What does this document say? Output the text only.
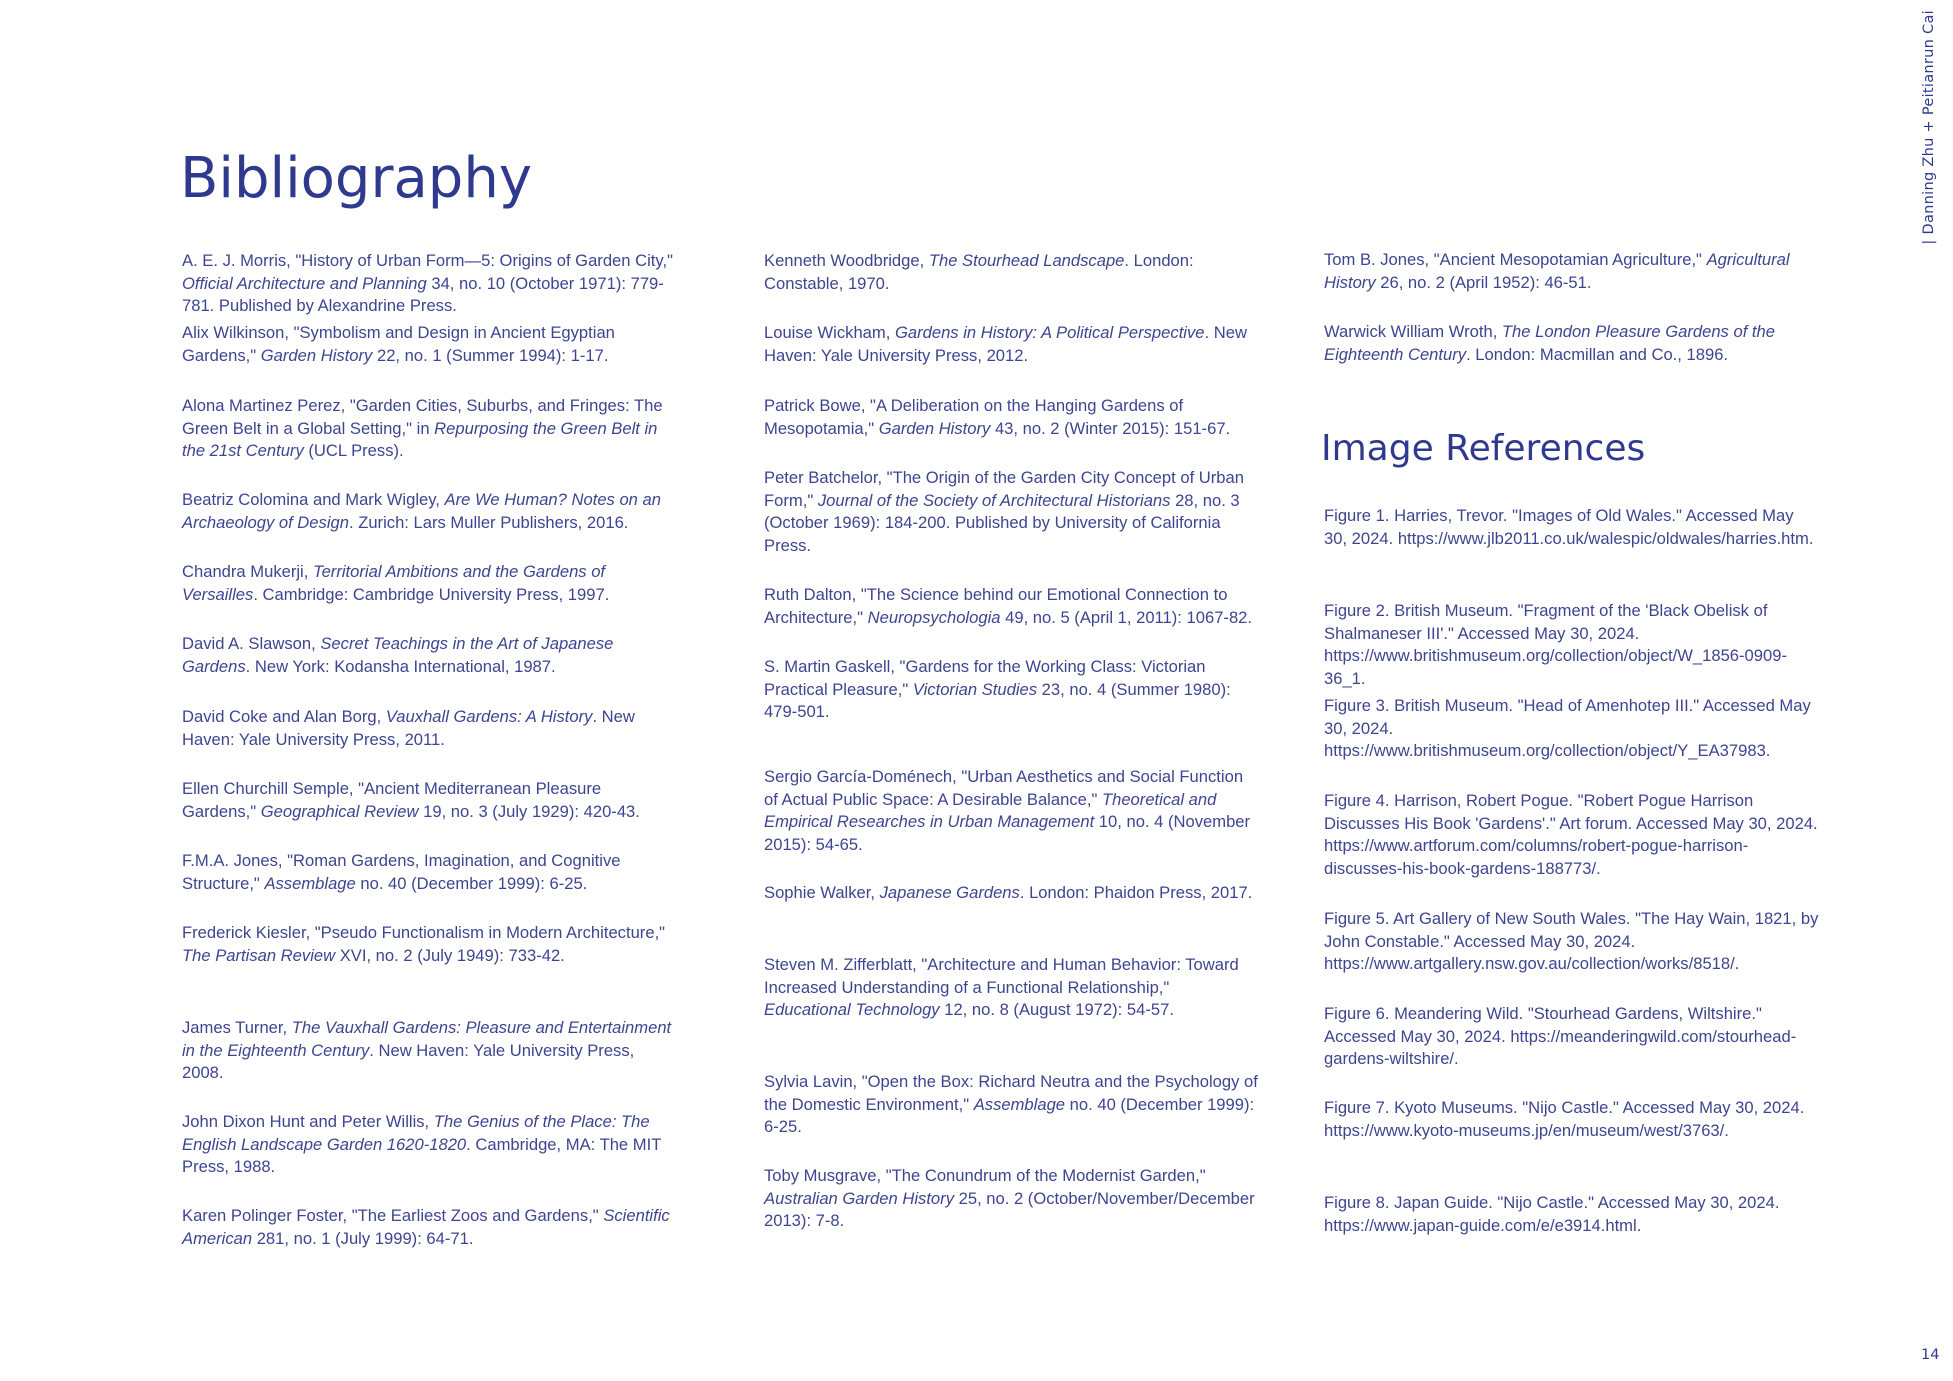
Bibliography

A. E. J. Morris, "History of Urban Form—5: Origins of Garden City," Official Architecture and Planning 34, no. 10 (October 1971): 779-781. Published by Alexandrine Press.

Alix Wilkinson, "Symbolism and Design in Ancient Egyptian Gardens," Garden History 22, no. 1 (Summer 1994): 1-17.

Alona Martinez Perez, "Garden Cities, Suburbs, and Fringes: The Green Belt in a Global Setting," in Repurposing the Green Belt in the 21st Century (UCL Press).

Beatriz Colomina and Mark Wigley, Are We Human? Notes on an Archaeology of Design. Zurich: Lars Muller Publishers, 2016.

Chandra Mukerji, Territorial Ambitions and the Gardens of Versailles. Cambridge: Cambridge University Press, 1997.

David A. Slawson, Secret Teachings in the Art of Japanese Gardens. New York: Kodansha International, 1987.

David Coke and Alan Borg, Vauxhall Gardens: A History. New Haven: Yale University Press, 2011.

Ellen Churchill Semple, "Ancient Mediterranean Pleasure Gardens," Geographical Review 19, no. 3 (July 1929): 420-43.

F.M.A. Jones, "Roman Gardens, Imagination, and Cognitive Structure," Assemblage no. 40 (December 1999): 6-25.

Frederick Kiesler, "Pseudo Functionalism in Modern Architecture," The Partisan Review XVI, no. 2 (July 1949): 733-42.

James Turner, The Vauxhall Gardens: Pleasure and Entertainment in the Eighteenth Century. New Haven: Yale University Press, 2008.

John Dixon Hunt and Peter Willis, The Genius of the Place: The English Landscape Garden 1620-1820. Cambridge, MA: The MIT Press, 1988.

Karen Polinger Foster, "The Earliest Zoos and Gardens," Scientific American 281, no. 1 (July 1999): 64-71.

Kenneth Woodbridge, The Stourhead Landscape. London: Constable, 1970.

Louise Wickham, Gardens in History: A Political Perspective. New Haven: Yale University Press, 2012.

Patrick Bowe, "A Deliberation on the Hanging Gardens of Mesopotamia," Garden History 43, no. 2 (Winter 2015): 151-67.

Peter Batchelor, "The Origin of the Garden City Concept of Urban Form," Journal of the Society of Architectural Historians 28, no. 3 (October 1969): 184-200. Published by University of California Press.

Ruth Dalton, "The Science behind our Emotional Connection to Architecture," Neuropsychologia 49, no. 5 (April 1, 2011): 1067-82.

S. Martin Gaskell, "Gardens for the Working Class: Victorian Practical Pleasure," Victorian Studies 23, no. 4 (Summer 1980): 479-501.

Sergio García-Doménech, "Urban Aesthetics and Social Function of Actual Public Space: A Desirable Balance," Theoretical and Empirical Researches in Urban Management 10, no. 4 (November 2015): 54-65.

Sophie Walker, Japanese Gardens. London: Phaidon Press, 2017.

Steven M. Zifferblatt, "Architecture and Human Behavior: Toward Increased Understanding of a Functional Relationship," Educational Technology 12, no. 8 (August 1972): 54-57.

Sylvia Lavin, "Open the Box: Richard Neutra and the Psychology of the Domestic Environment," Assemblage no. 40 (December 1999): 6-25.

Toby Musgrave, "The Conundrum of the Modernist Garden," Australian Garden History 25, no. 2 (October/November/December 2013): 7-8.

Tom B. Jones, "Ancient Mesopotamian Agriculture," Agricultural History 26, no. 2 (April 1952): 46-51.

Warwick William Wroth, The London Pleasure Gardens of the Eighteenth Century. London: Macmillan and Co., 1896.

Image References

Figure 1. Harries, Trevor. "Images of Old Wales." Accessed May 30, 2024. https://www.jlb2011.co.uk/walespic/oldwales/harries.htm.

Figure 2. British Museum. "Fragment of the 'Black Obelisk of Shalmaneser III'." Accessed May 30, 2024. https://www.britishmuseum.org/collection/object/W_1856-0909-36_1.

Figure 3. British Museum. "Head of Amenhotep III." Accessed May 30, 2024. https://www.britishmuseum.org/collection/object/Y_EA37983.

Figure 4. Harrison, Robert Pogue. "Robert Pogue Harrison Discusses His Book 'Gardens'." Art forum. Accessed May 30, 2024. https://www.artforum.com/columns/robert-pogue-harrison-discusses-his-book-gardens-188773/.

Figure 5. Art Gallery of New South Wales. "The Hay Wain, 1821, by John Constable." Accessed May 30, 2024. https://www.artgallery.nsw.gov.au/collection/works/8518/.

Figure 6. Meandering Wild. "Stourhead Gardens, Wiltshire." Accessed May 30, 2024. https://meanderingwild.com/stourhead-gardens-wiltshire/.

Figure 7. Kyoto Museums. "Nijo Castle." Accessed May 30, 2024. https://www.kyoto-museums.jp/en/museum/west/3763/.

Figure 8. Japan Guide. "Nijo Castle." Accessed May 30, 2024. https://www.japan-guide.com/e/e3914.html.

| Danning Zhu + Peitianrun Cai
14
